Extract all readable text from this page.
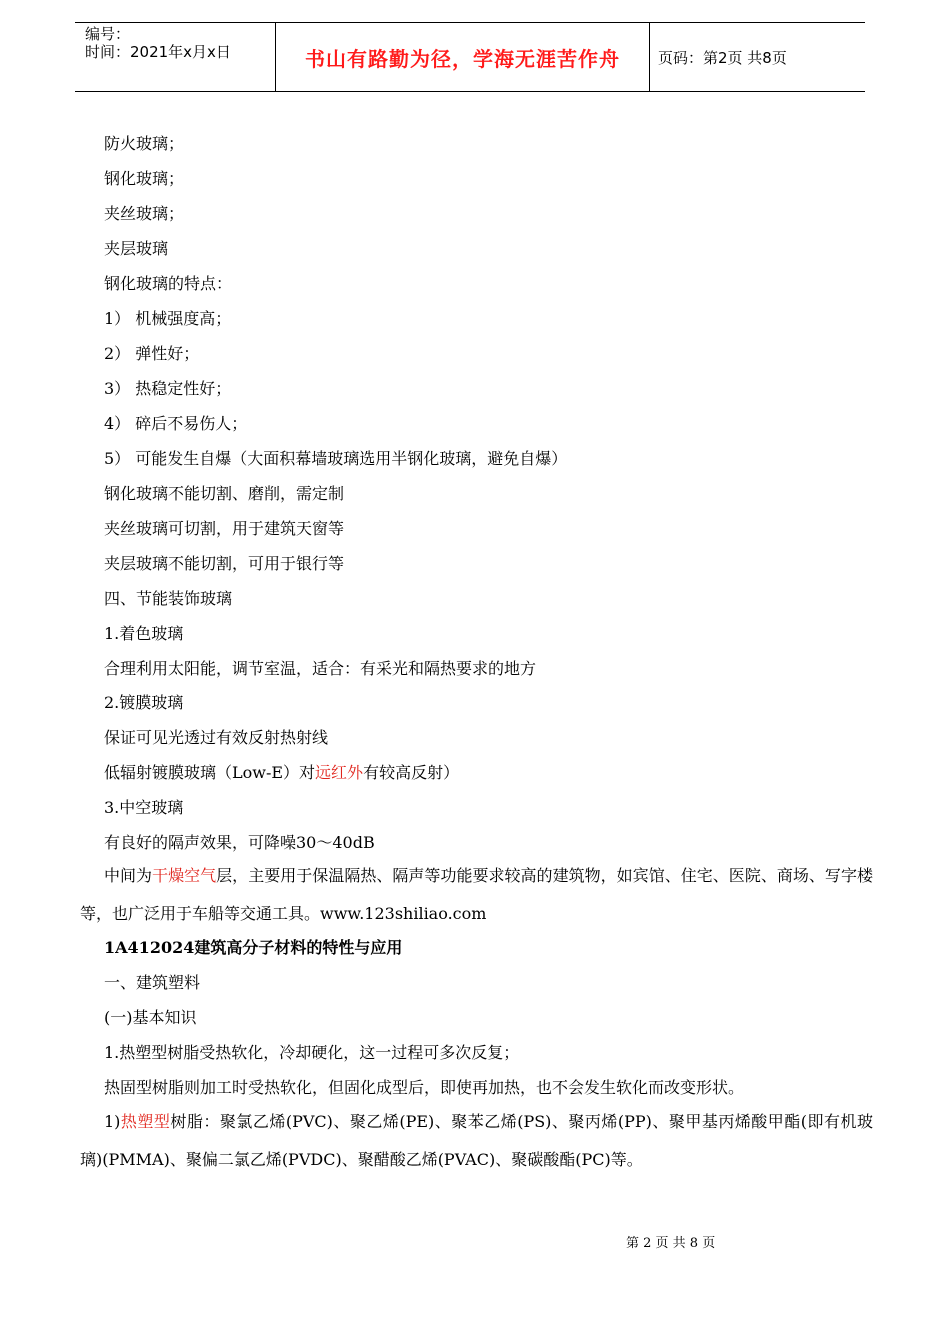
编号：
时间：2021年x月x日	书山有路勤为径，学海无涯苦作舟	页码：第2页 共8页
防火玻璃；
钢化玻璃；
夹丝玻璃；
夹层玻璃
钢化玻璃的特点：
1） 机械强度高；
2） 弹性好；
3） 热稳定性好；
4） 碎后不易伤人；
5） 可能发生自爆（大面积幕墙玻璃选用半钢化玻璃，避免自爆）
钢化玻璃不能切割、磨削，需定制
夹丝玻璃可切割，用于建筑天窗等
夹层玻璃不能切割，可用于银行等
四、节能装饰玻璃
1.着色玻璃
合理利用太阳能，调节室温，适合：有采光和隔热要求的地方
2.镀膜玻璃
保证可见光透过有效反射热射线
低辐射镀膜玻璃（Low-E）对远红外有较高反射）
3.中空玻璃
有良好的隔声效果，可降噪30～40dB
中间为干燥空气层，主要用于保温隔热、隔声等功能要求较高的建筑物，如宾馆、住宅、医院、商场、写字楼等，也广泛用于车船等交通工具。www.123shiliao.com
1A412024建筑高分子材料的特性与应用
一、建筑塑料
(一)基本知识
1.热塑型树脂受热软化，冷却硬化，这一过程可多次反复；
热固型树脂则加工时受热软化，但固化成型后，即使再加热，也不会发生软化而改变形状。
1)热塑型树脂：聚氯乙烯(PVC)、聚乙烯(PE)、聚苯乙烯(PS)、聚丙烯(PP)、聚甲基丙烯酸甲酯(即有机玻璃)(PMMA)、聚偏二氯乙烯(PVDC)、聚醋酸乙烯(PVAC)、聚碳酸酯(PC)等。
第 2 页 共 8 页
